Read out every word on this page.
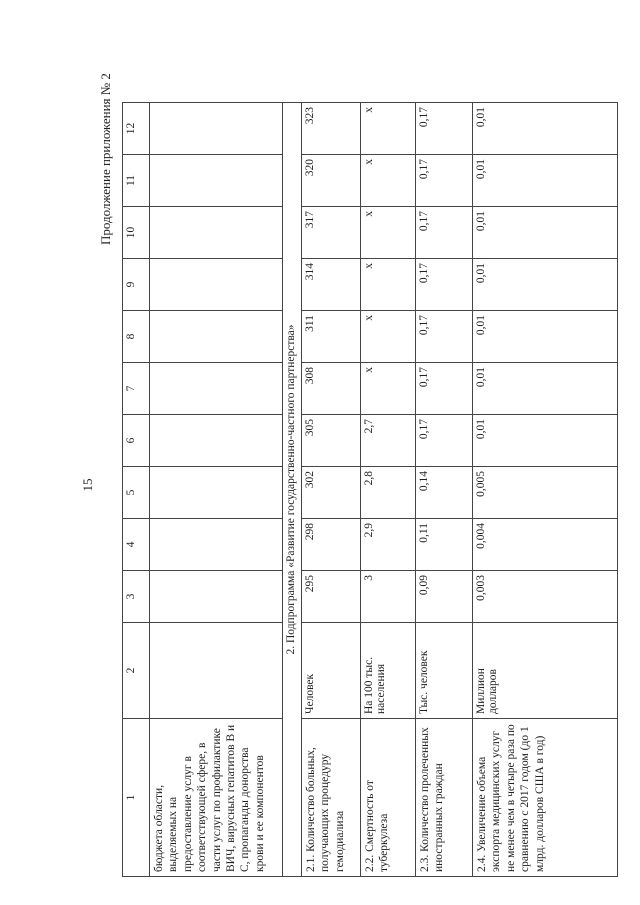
15
Продолжение приложения № 2
1	2	3	4	5	6	7	8	9	10	11	12
бюджета области, выделяемых на предоставление услуг в соответствующей сфере, в части услуг по профилактике ВИЧ, вирусных гепатитов В и С, пропаганды донорства крови и ее компонентов											
2. Подпрограмма «Развитие государственно-частного партнерства»											
2.1. Количество больных, получающих процедуру гемодиализа	Человек	295	298	302	305	308	311	314	317	320	323
2.2. Смертность от туберкулеза	На 100 тыс. населения	3	2,9	2,8	2,7	x	x	x	x	x	x
2.3. Количество пролеченных иностранных граждан	Тыс. человек	0,09	0,11	0,14	0,17	0,17	0,17	0,17	0,17	0,17	0,17
2.4. Увеличение объема экспорта медицинских услуг не менее чем в четыре раза по сравнению с 2017 годом (до 1 млрд. долларов США в год)	Миллион долларов	0,003	0,004	0,005	0,01	0,01	0,01	0,01	0,01	0,01	0,01
